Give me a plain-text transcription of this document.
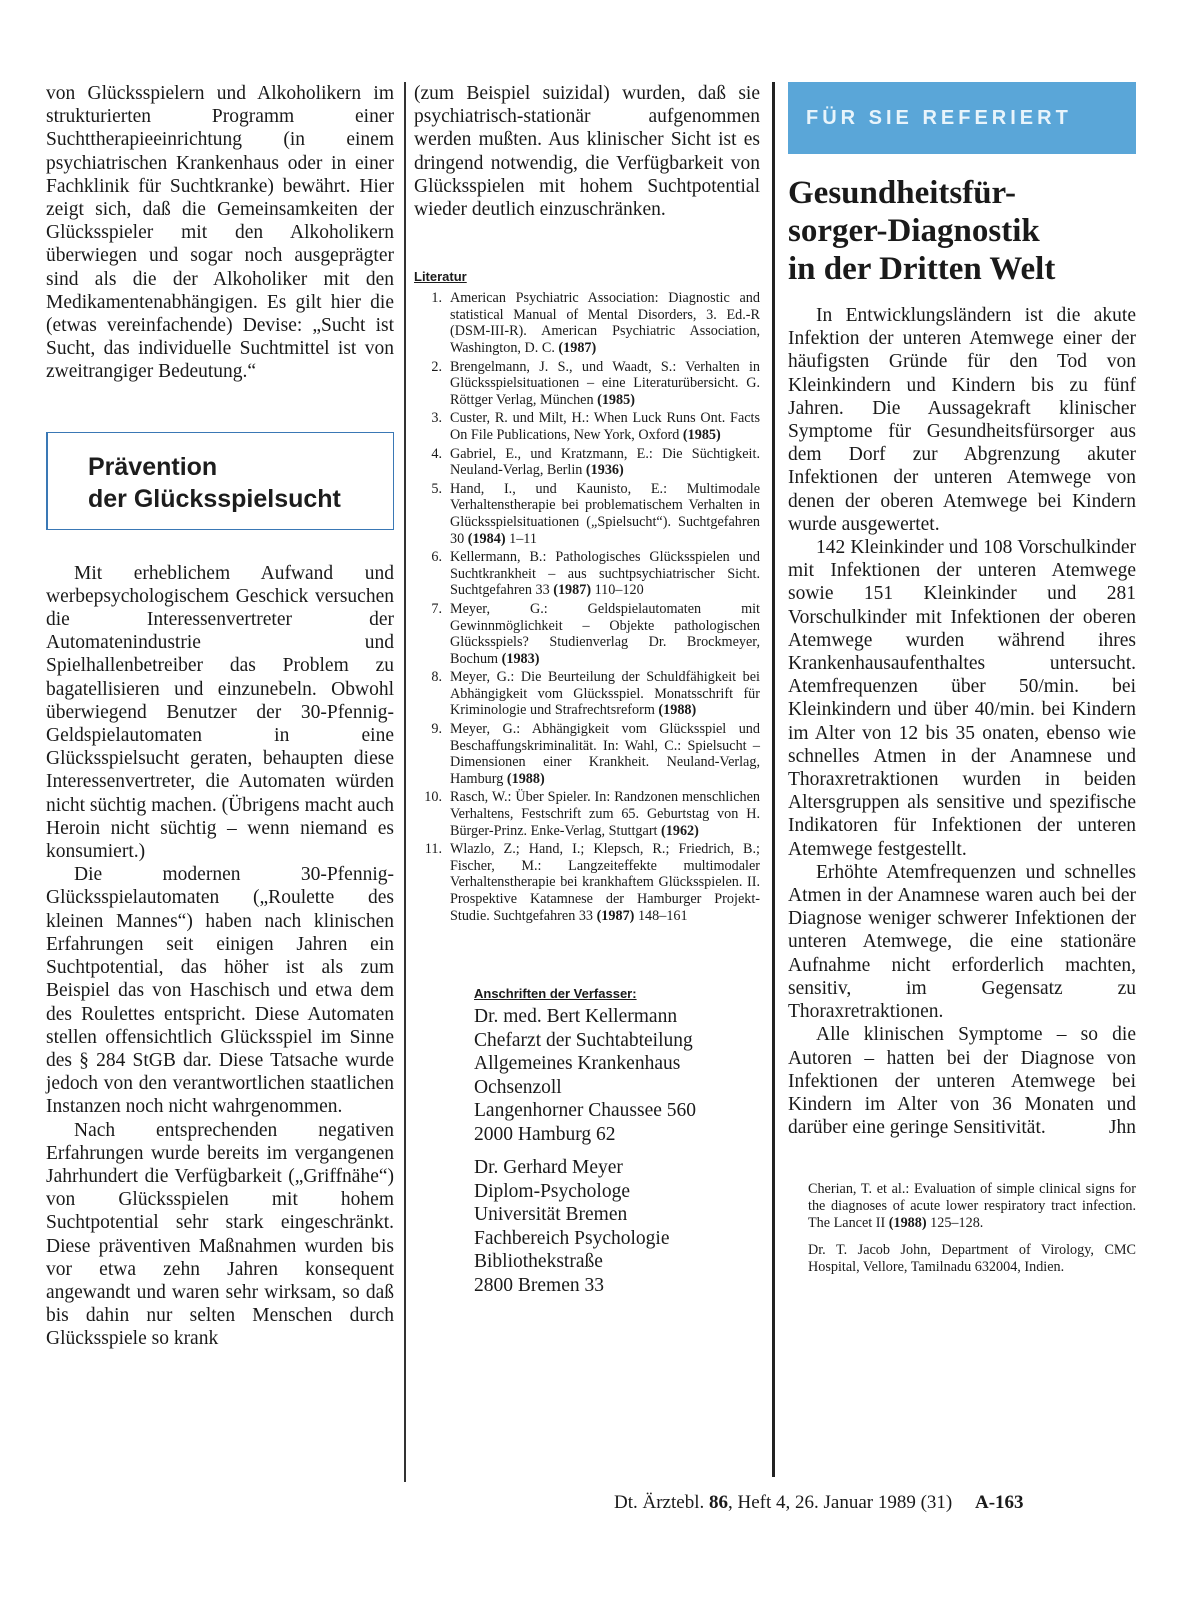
von Glücksspielern und Alkoholikern im strukturierten Programm einer Suchttherapieeinrichtung (in einem psychiatrischen Krankenhaus oder in einer Fachklinik für Suchtkranke) bewährt. Hier zeigt sich, daß die Gemeinsamkeiten der Glücksspieler mit den Alkoholikern überwiegen und sogar noch ausgeprägter sind als die der Alkoholiker mit den Medikamentenabhängigen. Es gilt hier die (etwas vereinfachende) Devise: „Sucht ist Sucht, das individuelle Suchtmittel ist von zweitrangiger Bedeutung.“

Prävention
der Glücksspielsucht

Mit erheblichem Aufwand und werbepsychologischem Geschick versuchen die Interessenvertreter der Automatenindustrie und Spielhallenbetreiber das Problem zu bagatellisieren und einzunebeln. Obwohl überwiegend Benutzer der 30-Pfennig-Geldspielautomaten in eine Glücksspielsucht geraten, behaupten diese Interessenvertreter, die Automaten würden nicht süchtig machen. (Übrigens macht auch Heroin nicht süchtig – wenn niemand es konsumiert.)

Die modernen 30-Pfennig-Glücksspielautomaten („Roulette des kleinen Mannes“) haben nach klinischen Erfahrungen seit einigen Jahren ein Suchtpotential, das höher ist als zum Beispiel das von Haschisch und etwa dem des Roulettes entspricht. Diese Automaten stellen offensichtlich Glücksspiel im Sinne des § 284 StGB dar. Diese Tatsache wurde jedoch von den verantwortlichen staatlichen Instanzen noch nicht wahrgenommen.

Nach entsprechenden negativen Erfahrungen wurde bereits im vergangenen Jahrhundert die Verfügbarkeit („Griffnähe“) von Glücksspielen mit hohem Suchtpotential sehr stark eingeschränkt. Diese präventiven Maßnahmen wurden bis vor etwa zehn Jahren konsequent angewandt und waren sehr wirksam, so daß bis dahin nur selten Menschen durch Glücksspiele so krank

(zum Beispiel suizidal) wurden, daß sie psychiatrisch-stationär aufgenommen werden mußten. Aus klinischer Sicht ist es dringend notwendig, die Verfügbarkeit von Glücksspielen mit hohem Suchtpotential wieder deutlich einzuschränken.

Literatur
1. American Psychiatric Association: Diagnostic and statistical Manual of Mental Disorders, 3. Ed.-R (DSM-III-R). American Psychiatric Association, Washington, D. C. (1987)
2. Brengelmann, J. S., und Waadt, S.: Verhalten in Glücksspielsituationen – eine Literaturübersicht. G. Röttger Verlag, München (1985)
3. Custer, R. und Milt, H.: When Luck Runs Ont. Facts On File Publications, New York, Oxford (1985)
4. Gabriel, E., und Kratzmann, E.: Die Süchtigkeit. Neuland-Verlag, Berlin (1936)
5. Hand, I., und Kaunisto, E.: Multimodale Verhaltenstherapie bei problematischem Verhalten in Glücksspielsituationen („Spielsucht“). Suchtgefahren 30 (1984) 1–11
6. Kellermann, B.: Pathologisches Glücksspielen und Suchtkrankheit – aus suchtpsychiatrischer Sicht. Suchtgefahren 33 (1987) 110–120
7. Meyer, G.: Geldspielautomaten mit Gewinnmöglichkeit – Objekte pathologischen Glücksspiels? Studienverlag Dr. Brockmeyer, Bochum (1983)
8. Meyer, G.: Die Beurteilung der Schuldfähigkeit bei Abhängigkeit vom Glücksspiel. Monatsschrift für Kriminologie und Strafrechtsreform (1988)
9. Meyer, G.: Abhängigkeit vom Glücksspiel und Beschaffungskriminalität. In: Wahl, C.: Spielsucht – Dimensionen einer Krankheit. Neuland-Verlag, Hamburg (1988)
10. Rasch, W.: Über Spieler. In: Randzonen menschlichen Verhaltens, Festschrift zum 65. Geburtstag von H. Bürger-Prinz. Enke-Verlag, Stuttgart (1962)
11. Wlazlo, Z.; Hand, I.; Klepsch, R.; Friedrich, B.; Fischer, M.: Langzeiteffekte multimodaler Verhaltenstherapie bei krankhaftem Glücksspielen. II. Prospektive Katamnese der Hamburger Projekt-Studie. Suchtgefahren 33 (1987) 148–161
Anschriften der Verfasser:
Dr. med. Bert Kellermann
Chefarzt der Suchtabteilung
Allgemeines Krankenhaus
Ochsenzoll
Langenhorner Chaussee 560
2000 Hamburg 62
Dr. Gerhard Meyer
Diplom-Psychologe
Universität Bremen
Fachbereich Psychologie
Bibliothekstraße
2800 Bremen 33
FÜR SIE REFERIERT
Gesundheitsfür-
sorger-Diagnostik
in der Dritten Welt

In Entwicklungsländern ist die akute Infektion der unteren Atemwege einer der häufigsten Gründe für den Tod von Kleinkindern und Kindern bis zu fünf Jahren. Die Aussagekraft klinischer Symptome für Gesundheitsfürsorger aus dem Dorf zur Abgrenzung akuter Infektionen der unteren Atemwege von denen der oberen Atemwege bei Kindern wurde ausgewertet.

142 Kleinkinder und 108 Vorschulkinder mit Infektionen der unteren Atemwege sowie 151 Kleinkinder und 281 Vorschulkinder mit Infektionen der oberen Atemwege wurden während ihres Krankenhausaufenthaltes untersucht. Atemfrequenzen über 50/min. bei Kleinkindern und über 40/min. bei Kindern im Alter von 12 bis 35 onaten, ebenso wie schnelles Atmen in der Anamnese und Thoraxretraktionen wurden in beiden Altersgruppen als sensitive und spezifische Indikatoren für Infektionen der unteren Atemwege festgestellt.

Erhöhte Atemfrequenzen und schnelles Atmen in der Anamnese waren auch bei der Diagnose weniger schwerer Infektionen der unteren Atemwege, die eine stationäre Aufnahme nicht erforderlich machten, sensitiv, im Gegensatz zu Thoraxretraktionen.

Alle klinischen Symptome – so die Autoren – hatten bei der Diagnose von Infektionen der unteren Atemwege bei Kindern im Alter von 36 Monaten und darüber eine geringe Sensitivität.	Jhn

Cherian, T. et al.: Evaluation of simple clinical signs for the diagnoses of acute lower respiratory tract infection. The Lancet II (1988) 125–128.

Dr. T. Jacob John, Department of Virology, CMC Hospital, Vellore, Tamilnadu 632004, Indien.

Dt. Ärztebl. 86, Heft 4, 26. Januar 1989 (31) A-163
